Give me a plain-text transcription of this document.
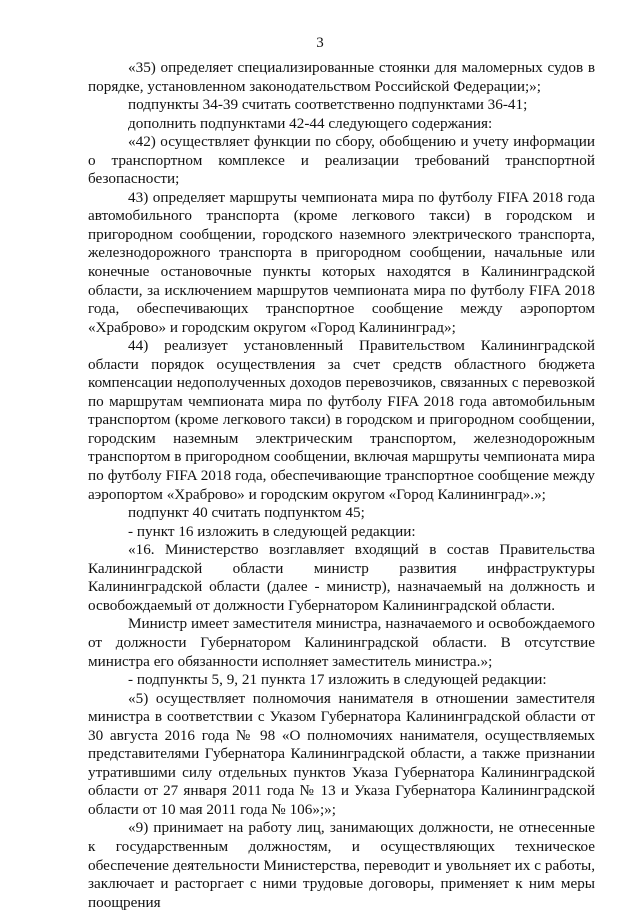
3

«35) определяет специализированные стоянки для маломерных судов в порядке, установленном законодательством Российской Федерации;»;

подпункты 34-39 считать соответственно подпунктами 36-41;

дополнить подпунктами 42-44 следующего содержания:

«42) осуществляет функции по сбору, обобщению и учету информации о транспортном комплексе и реализации требований транспортной безопасности;

43) определяет маршруты чемпионата мира по футболу FIFA 2018 года автомобильного транспорта (кроме легкового такси) в городском и пригородном сообщении, городского наземного электрического транспорта, железнодорожного транспорта в пригородном сообщении, начальные или конечные остановочные пункты которых находятся в Калининградской области, за исключением маршрутов чемпионата мира по футболу FIFA 2018 года, обеспечивающих транспортное сообщение между аэропортом «Храброво» и городским округом «Город Калининград»;

44) реализует установленный Правительством Калининградской области порядок осуществления за счет средств областного бюджета компенсации недополученных доходов перевозчиков, связанных с перевозкой по маршрутам чемпионата мира по футболу FIFA 2018 года автомобильным транспортом (кроме легкового такси) в городском и пригородном сообщении, городским наземным электрическим транспортом, железнодорожным транспортом в пригородном сообщении, включая маршруты чемпионата мира по футболу FIFA 2018 года, обеспечивающие транспортное сообщение между аэропортом «Храброво» и городским округом «Город Калининград».»;

подпункт 40 считать подпунктом 45;

- пункт 16 изложить в следующей редакции:

«16. Министерство возглавляет входящий в состав Правительства Калининградской области министр развития инфраструктуры Калининградской области (далее - министр), назначаемый на должность и освобождаемый от должности Губернатором Калининградской области.

Министр имеет заместителя министра, назначаемого и освобождаемого от должности Губернатором Калининградской области. В отсутствие министра его обязанности исполняет заместитель министра.»;

- подпункты 5, 9, 21 пункта 17 изложить в следующей редакции:

«5) осуществляет полномочия нанимателя в отношении заместителя министра в соответствии с Указом Губернатора Калининградской области от 30 августа 2016 года № 98 «О полномочиях нанимателя, осуществляемых представителями Губернатора Калининградской области, а также признании утратившими силу отдельных пунктов Указа Губернатора Калининградской области от 27 января 2011 года № 13 и Указа Губернатора Калининградской области от 10 мая 2011 года № 106»;»;

«9) принимает на работу лиц, занимающих должности, не отнесенные к государственным должностям, и осуществляющих техническое обеспечение деятельности Министерства, переводит и увольняет их с работы, заключает и расторгает с ними трудовые договоры, применяет к ним меры поощрения
